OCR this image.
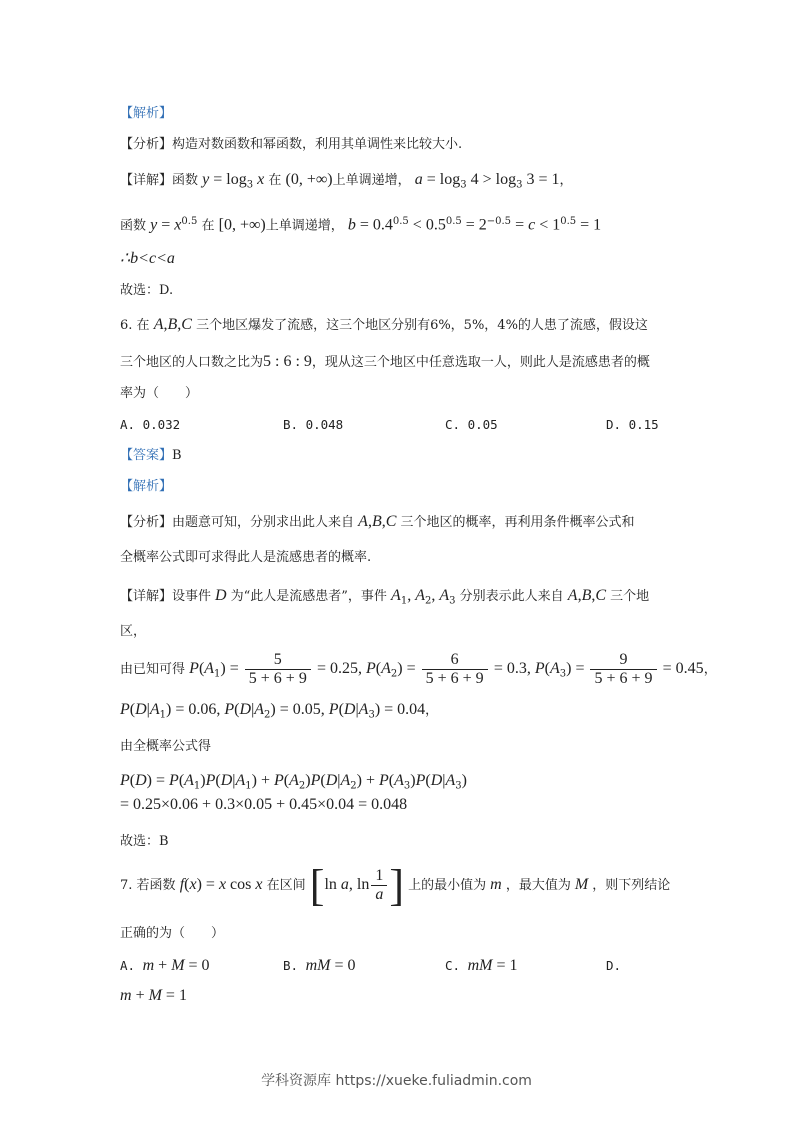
【解析】
【分析】构造对数函数和幂函数，利用其单调性来比较大小.
【详解】函数 $y = \log_3 x$ 在 (0, +∞)上单调递增， $a = \log_3 4 > \log_3 3 = 1$，
函数 $y = x^{0.5}$ 在 [0, +∞)上单调递增， $b = 0.4^{0.5} < 0.5^{0.5} = 2^{-0.5} = c < 1^{0.5} = 1$
∴b<c<a
故选：D.
6. 在 A,B,C 三个地区爆发了流感，这三个地区分别有6%，5%，4%的人患了流感，假设这
三个地区的人口数之比为5 : 6 : 9，现从这三个地区中任意选取一人，则此人是流感患者的概
率为（　　）
A. 0.032	B. 0.048	C. 0.05	D. 0.15
【答案】B
【解析】
【分析】由题意可知，分别求出此人来自 A,B,C 三个地区的概率，再利用条件概率公式和
全概率公式即可求得此人是流感患者的概率.
【详解】设事件 D 为“此人是流感患者”，事件 $A_1$, $A_2$, $A_3$ 分别表示此人来自 A,B,C 三个地
区，
由已知可得 $P(A_1) = \frac{5}{5 + 6 + 9} = 0.25$, $P(A_2) = \frac{6}{5 + 6 + 9} = 0.3$, $P(A_3) = \frac{9}{5 + 6 + 9} = 0.45$，
$P(D|A_1) = 0.06$, $P(D|A_2) = 0.05$, $P(D|A_3) = 0.04$，
由全概率公式得
$P(D) = P(A_1)P(D|A_1) + P(A_2)P(D|A_2) + P(A_3)P(D|A_3)$
= 0.25×0.06 + 0.3×0.05 + 0.45×0.04 = 0.048
故选：B
7. 若函数 f(x) = x cos x 在区间 [ln a, $\ln \frac{1}{a}$ ] 上的最小值为 m ，最大值为 M ，则下列结论
正确的为（　　）
A. m + M = 0	B. mM = 0	C. mM = 1	D.
m + M = 1
学科资源库 https://xueke.fuliadmin.com
